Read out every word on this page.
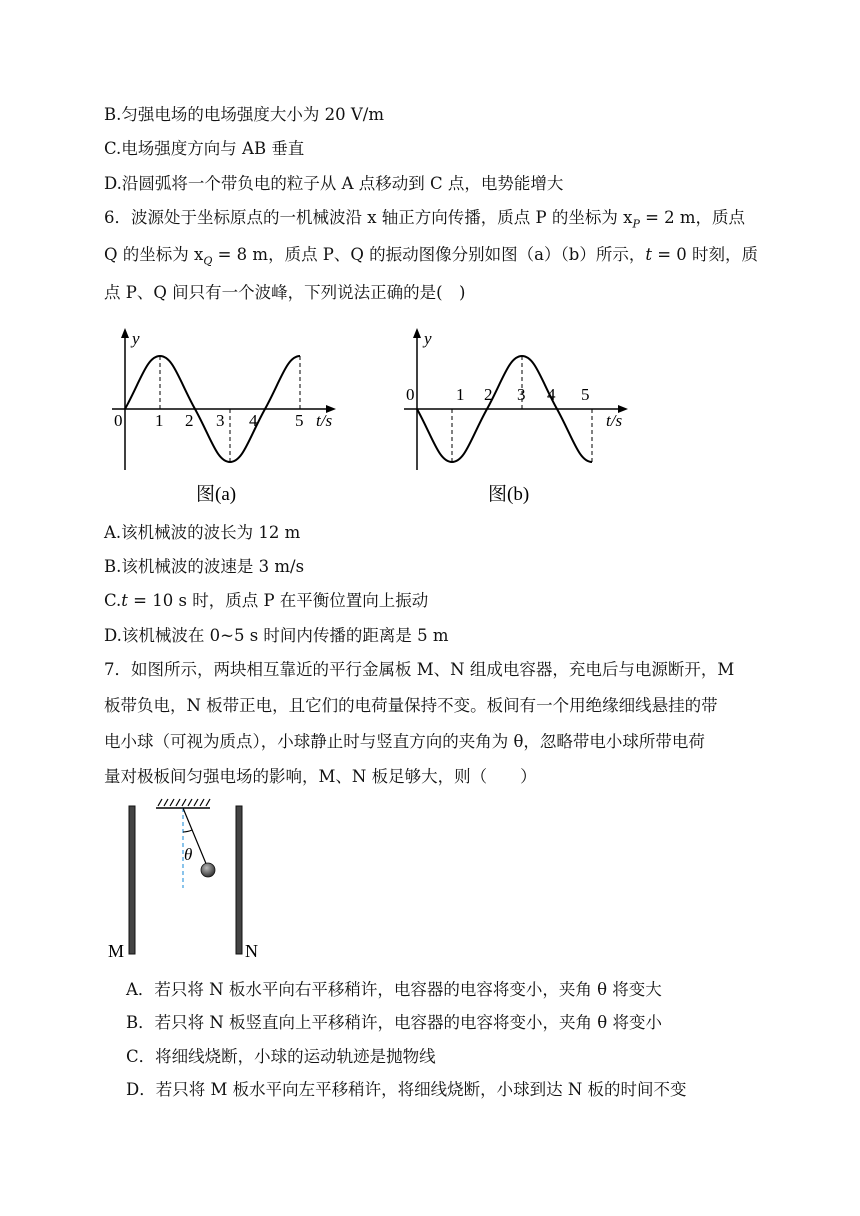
B.匀强电场的电场强度大小为 20 V/m
C.电场强度方向与 AB 垂直
D.沿圆弧将一个带负电的粒子从 A 点移动到 C 点，电势能增大
6．波源处于坐标原点的一机械波沿 x 轴正方向传播，质点 P 的坐标为 $x_P = 2$ m，质点
Q 的坐标为 $x_Q = 8$ m，质点 P、Q 的振动图像分别如图（a）（b）所示，t = 0 时刻，质
点 P、Q 间只有一个波峰，下列说法正确的是(　)
y
0 1 2 3 4 5 t/s
图(a)
y
0 1 2 3 4 5
t/s
图(b)
A.该机械波的波长为 12 m
B.该机械波的波速是 3 m/s
C.t = 10 s 时，质点 P 在平衡位置向上振动
D.该机械波在 0~5 s 时间内传播的距离是 5 m
7．如图所示，两块相互靠近的平行金属板 M、N 组成电容器，充电后与电源断开，M
板带负电，N 板带正电，且它们的电荷量保持不变。板间有一个用绝缘细线悬挂的带
电小球（可视为质点），小球静止时与竖直方向的夹角为 θ，忽略带电小球所带电荷
量对极板间匀强电场的影响，M、N 板足够大，则（　　）
θ
M	N
A．若只将 N 板水平向右平移稍许，电容器的电容将变小，夹角 θ 将变大
B．若只将 N 板竖直向上平移稍许，电容器的电容将变小，夹角 θ 将变小
C．将细线烧断，小球的运动轨迹是抛物线
D．若只将 M 板水平向左平移稍许，将细线烧断，小球到达 N 板的时间不变
